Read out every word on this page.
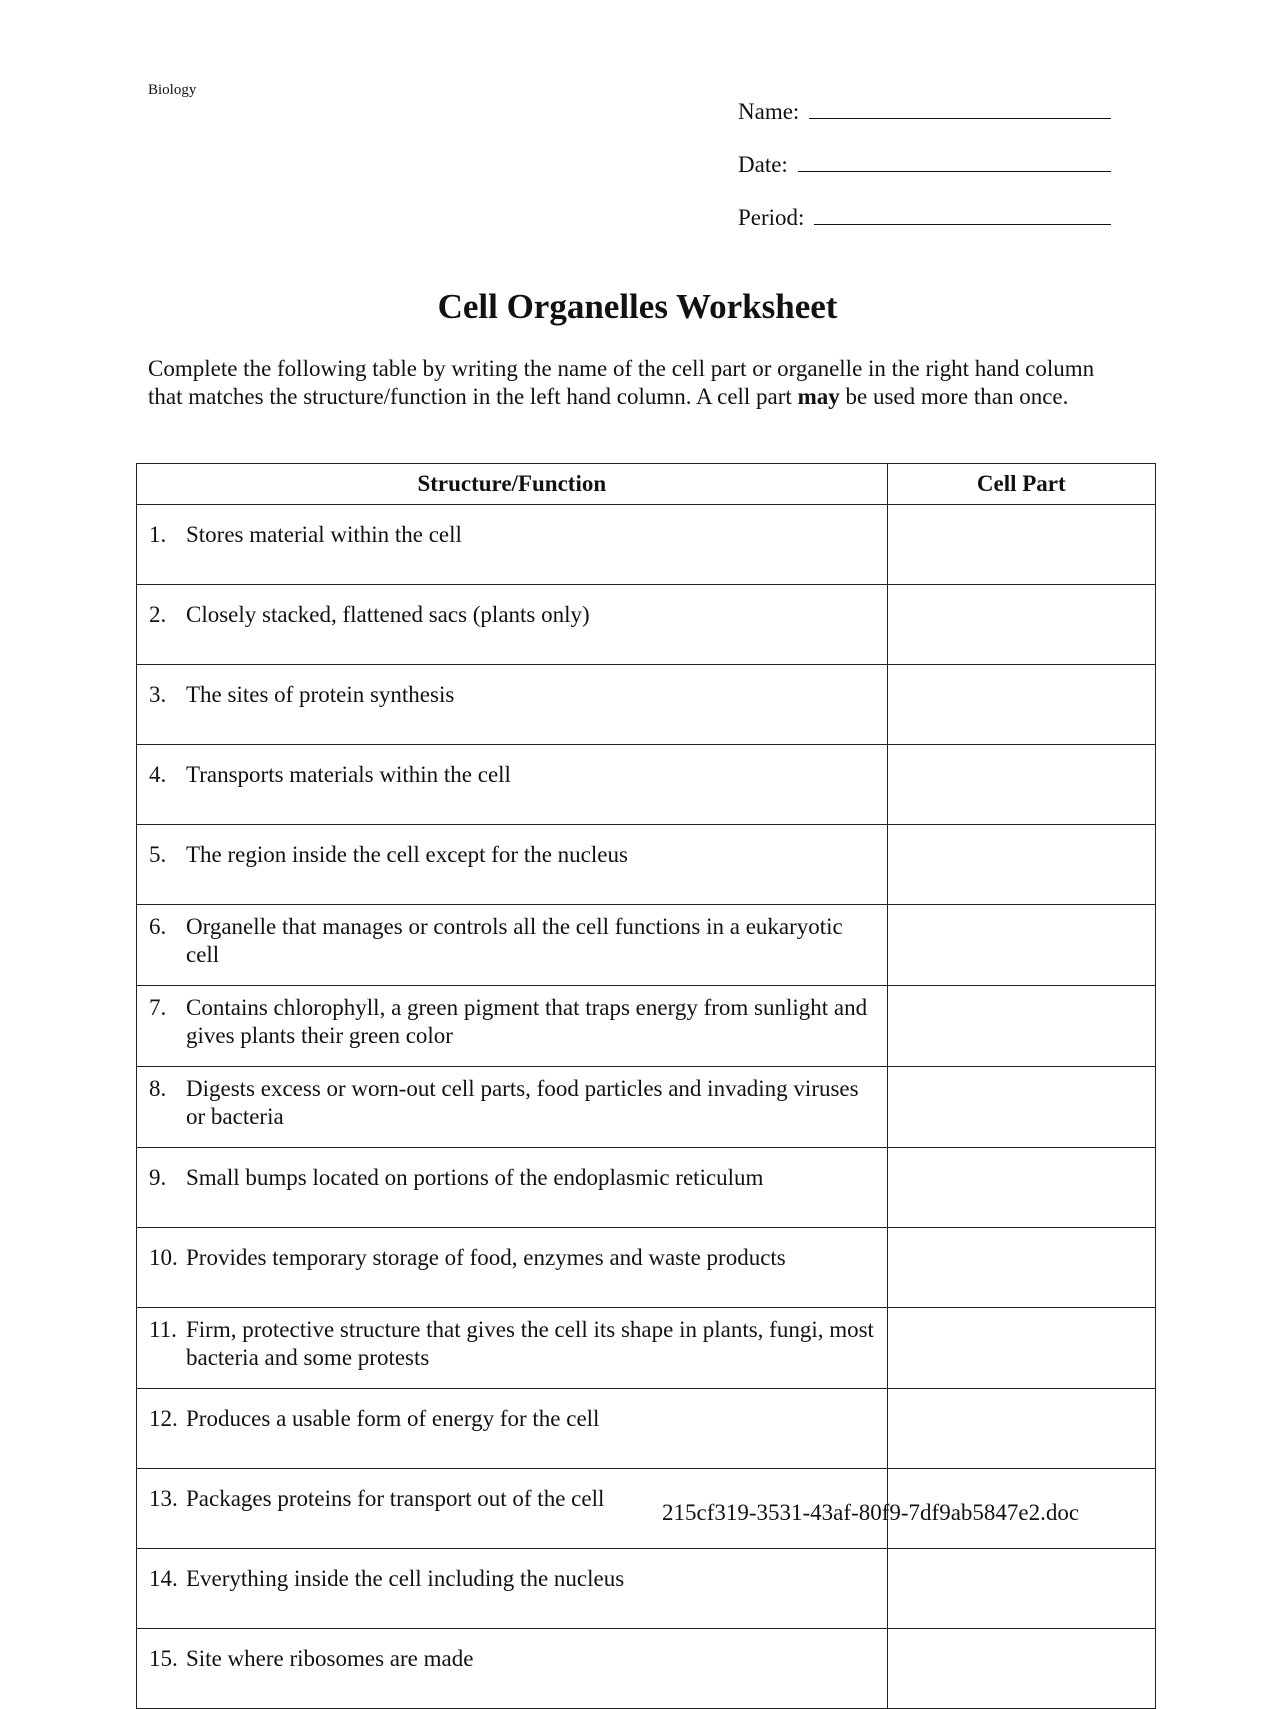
Biology
Name:
Date:
Period:
Cell Organelles Worksheet
Complete the following table by writing the name of the cell part or organelle in the right hand column that matches the structure/function in the left hand column. A cell part may be used more than once.
Structure/Function	Cell Part

1. Stores material within the cell	

2. Closely stacked, flattened sacs (plants only)	

3. The sites of protein synthesis	

4. Transports materials within the cell	

5. The region inside the cell except for the nucleus	

6. Organelle that manages or controls all the cell functions in a eukaryotic cell	

7. Contains chlorophyll, a green pigment that traps energy from sunlight and gives plants their green color	

8. Digests excess or worn-out cell parts, food particles and invading viruses or bacteria	

9. Small bumps located on portions of the endoplasmic reticulum	

10. Provides temporary storage of food, enzymes and waste products	

11. Firm, protective structure that gives the cell its shape in plants, fungi, most bacteria and some protests	

12. Produces a usable form of energy for the cell	

13. Packages proteins for transport out of the cell	

14. Everything inside the cell including the nucleus	

15. Site where ribosomes are made	

215cf319-3531-43af-80f9-7df9ab5847e2.doc
